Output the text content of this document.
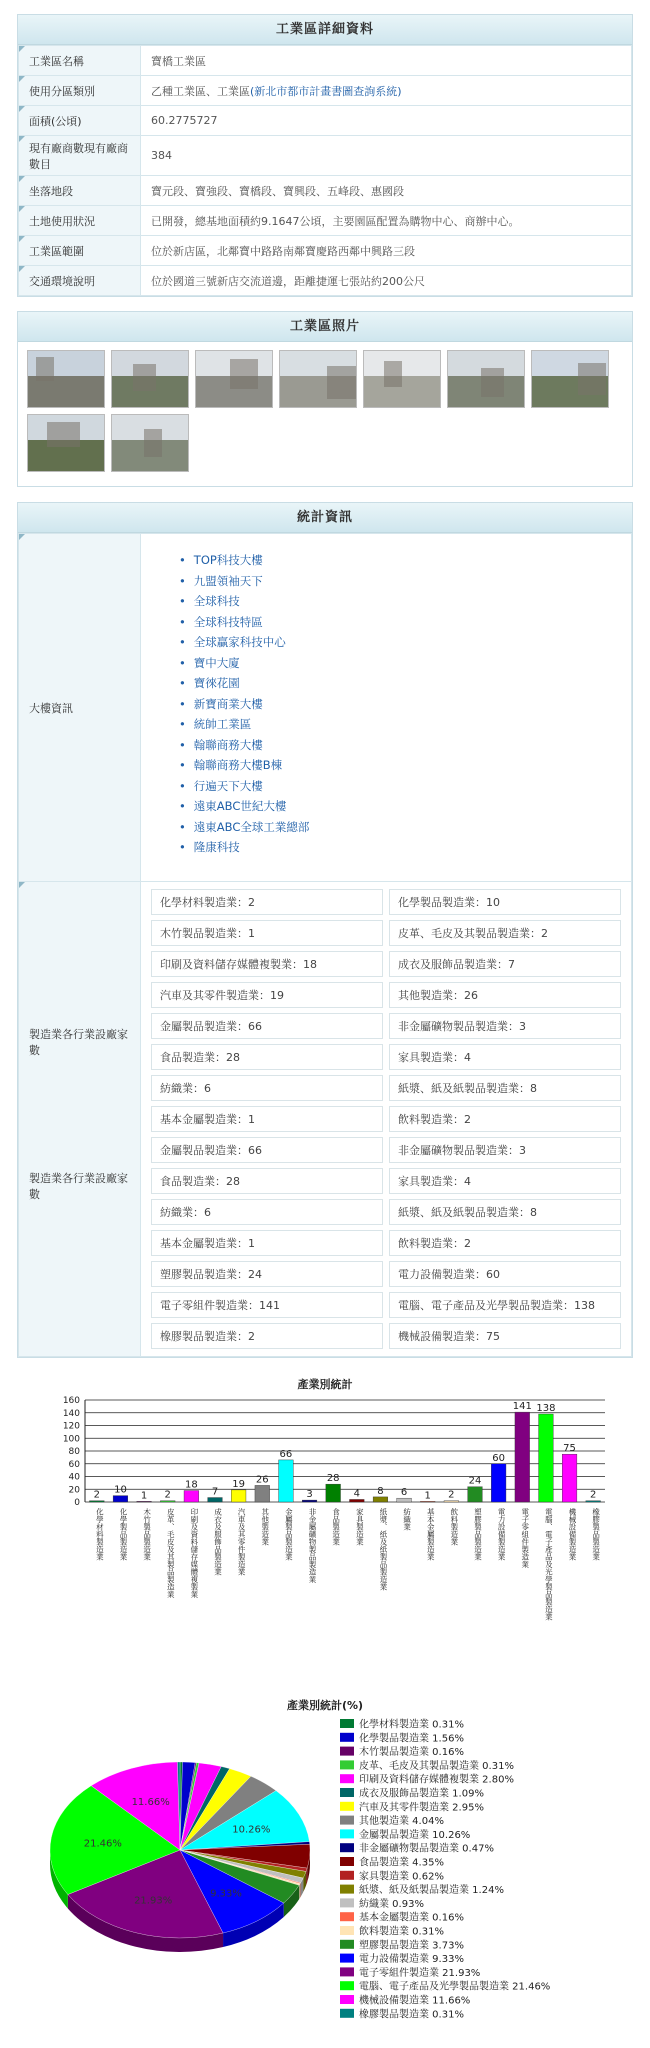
工業區詳細資料
工業區名稱	寶橋工業區
使用分區類別	乙種工業區、工業區(新北市都市計畫書圖查詢系統)
面積(公頃)	60.2775727
現有廠商數現有廠商數目	384
坐落地段	寶元段、寶強段、寶橋段、寶興段、五峰段、惠國段
土地使用狀況	已開發，總基地面積約9.1647公頃，主要園區配置為購物中心、商辦中心。
工業區範圍	位於新店區，北鄰寶中路路南鄰寶慶路西鄰中興路三段
交通環境說明	位於國道三號新店交流道邊，距離捷運七張站約200公尺
工業區照片
統計資訊
大樓資訊	
• TOP科技大樓
• 九盟領袖天下
• 全球科技
• 全球科技特區
• 全球贏家科技中心
• 寶中大廈
• 寶徠花園
• 新寶商業大樓
• 統帥工業區
• 翰聯商務大樓
• 翰聯商務大樓B棟
• 行遍天下大樓
• 遠東ABC世紀大樓
• 遠東ABC全球工業總部
• 隆康科技

製造業各行業設廠家數
製造業各行業設廠家數

化學材料製造業：2	化學製品製造業：10
木竹製品製造業：1	皮革、毛皮及其製品製造業：2
印刷及資料儲存媒體複製業：18	成衣及服飾品製造業：7
汽車及其零件製造業：19	其他製造業：26
金屬製品製造業：66	非金屬礦物製品製造業：3
食品製造業：28	家具製造業：4
紡織業：6	紙漿、紙及紙製品製造業：8
基本金屬製造業：1	飲料製造業：2
金屬製品製造業：66	非金屬礦物製品製造業：3
食品製造業：28	家具製造業：4
紡織業：6	紙漿、紙及紙製品製造業：8
基本金屬製造業：1	飲料製造業：2
塑膠製品製造業：24	電力設備製造業：60
電子零組件製造業：141	電腦、電子產品及光學製品製造業：138
橡膠製品製造業：2	機械設備製造業：75
產業別統計
0
20
40
60
80
100
120
140
160
2
化學材料製造業
10
化學製品製造業
1
木竹製品製造業
2
皮革、毛皮及其製品製造業
18
印刷及資料儲存媒體複製業
7
成衣及服飾品製造業
19
汽車及其零件製造業
26
其他製造業
66
金屬製品製造業
3
非金屬礦物製品製造業
28
食品製造業
4
家具製造業
8
紙漿、紙及紙製品製造業
6
紡織業
1
基本金屬製造業
2
飲料製造業
24
塑膠製品製造業
60
電力設備製造業
141
電子零組件製造業
138
電腦、電子產品及光學製品製造業
75
機械設備製造業
2
橡膠製品製造業
產業別統計(%)
10.26%
9.33%
21.93%
21.46%
11.66%
化學材料製造業 0.31%
化學製品製造業 1.56%
木竹製品製造業 0.16%
皮革、毛皮及其製品製造業 0.31%
印刷及資料儲存媒體複製業 2.80%
成衣及服飾品製造業 1.09%
汽車及其零件製造業 2.95%
其他製造業 4.04%
金屬製品製造業 10.26%
非金屬礦物製品製造業 0.47%
食品製造業 4.35%
家具製造業 0.62%
紙漿、紙及紙製品製造業 1.24%
紡織業 0.93%
基本金屬製造業 0.16%
飲料製造業 0.31%
塑膠製品製造業 3.73%
電力設備製造業 9.33%
電子零組件製造業 21.93%
電腦、電子產品及光學製品製造業 21.46%
機械設備製造業 11.66%
橡膠製品製造業 0.31%
